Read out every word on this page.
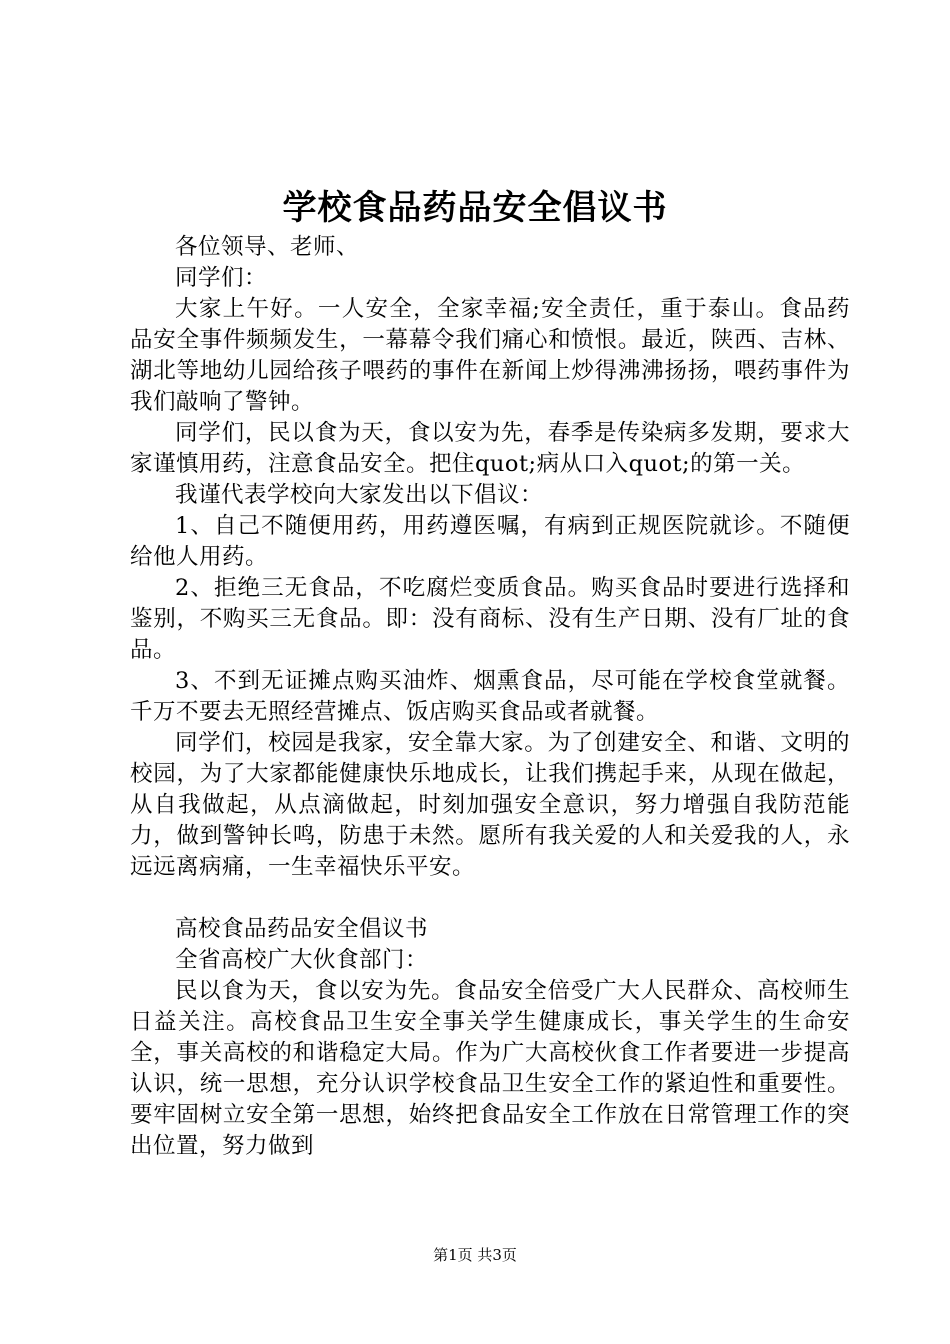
学校食品药品安全倡议书

各位领导、老师、

同学们：

大家上午好。一人安全，全家幸福;安全责任，重于泰山。食品药品安全事件频频发生，一幕幕令我们痛心和愤恨。最近，陕西、吉林、湖北等地幼儿园给孩子喂药的事件在新闻上炒得沸沸扬扬，喂药事件为我们敲响了警钟。

同学们，民以食为天，食以安为先，春季是传染病多发期，要求大家谨慎用药，注意食品安全。把住quot;病从口入quot;的第一关。

我谨代表学校向大家发出以下倡议：

1、自己不随便用药，用药遵医嘱，有病到正规医院就诊。不随便给他人用药。

2、拒绝三无食品，不吃腐烂变质食品。购买食品时要进行选择和鉴别，不购买三无食品。即：没有商标、没有生产日期、没有厂址的食品。

3、不到无证摊点购买油炸、烟熏食品，尽可能在学校食堂就餐。千万不要去无照经营摊点、饭店购买食品或者就餐。

同学们，校园是我家，安全靠大家。为了创建安全、和谐、文明的校园，为了大家都能健康快乐地成长，让我们携起手来，从现在做起，从自我做起，从点滴做起，时刻加强安全意识，努力增强自我防范能力，做到警钟长鸣，防患于未然。愿所有我关爱的人和关爱我的人，永远远离病痛，一生幸福快乐平安。

高校食品药品安全倡议书

全省高校广大伙食部门：

民以食为天，食以安为先。食品安全倍受广大人民群众、高校师生日益关注。高校食品卫生安全事关学生健康成长，事关学生的生命安全，事关高校的和谐稳定大局。作为广大高校伙食工作者要进一步提高认识，统一思想，充分认识学校食品卫生安全工作的紧迫性和重要性。要牢固树立安全第一思想，始终把食品安全工作放在日常管理工作的突出位置，努力做到

第1页 共3页
